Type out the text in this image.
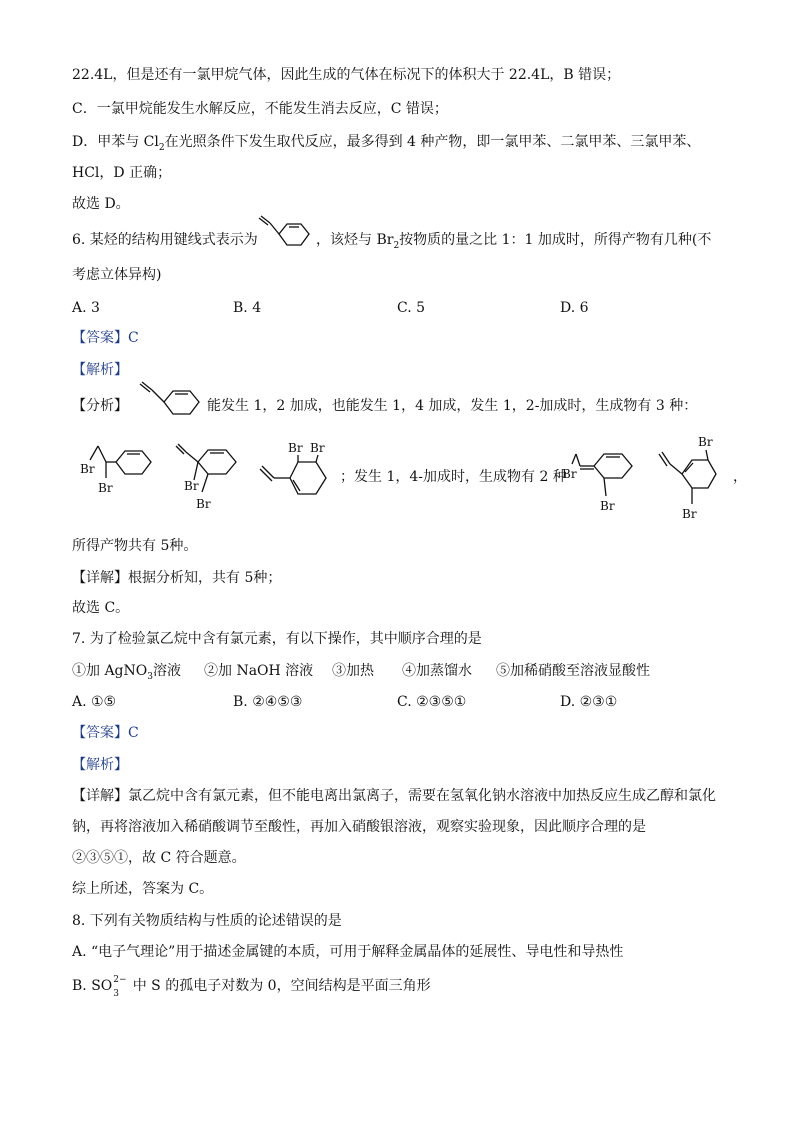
22.4L，但是还有一氯甲烷气体，因此生成的气体在标况下的体积大于 22.4L，B 错误；
C．一氯甲烷能发生水解反应，不能发生消去反应，C 错误；
D．甲苯与 $Cl_2$在光照条件下发生取代反应，最多得到 4 种产物，即一氯甲苯、二氯甲苯、三氯甲苯、
HCl，D 正确；
故选 D。
6. 某烃的结构用键线式表示为	，该烃与 $Br_2$按物质的量之比 1：1 加成时，所得产物有几种(不
考虑立体异构)
A. 3	B. 4	C. 5	D. 6
【答案】C
【解析】
【分析】	能发生 1，2 加成，也能发生 1，4 加成，发生 1，2-加成时，生成物有 3 种：
Br
Br	Br
Br
Br Br
；发生 1，4-加成时，生成物有 2 种
Br
Br
Br
Br
，
所得产物共有 5种。
【详解】根据分析知，共有 5种；
故选 C。
7. 为了检验氯乙烷中含有氯元素，有以下操作，其中顺序合理的是
①加 AgNO$_3$溶液 ②加 NaOH 溶液 ③加热 ④加蒸馏水 ⑤加稀硝酸至溶液显酸性
A. ①⑤	B. ②④⑤③	C. ②③⑤①	D. ②③①
【答案】C
【解析】
【详解】氯乙烷中含有氯元素，但不能电离出氯离子，需要在氢氧化钠水溶液中加热反应生成乙醇和氯化
钠，再将溶液加入稀硝酸调节至酸性，再加入硝酸银溶液，观察实验现象，因此顺序合理的是
②③⑤①，故 C 符合题意。
综上所述，答案为 C。
8. 下列有关物质结构与性质的论述错误的是
A. “电子气理论”用于描述金属键的本质，可用于解释金属晶体的延展性、导电性和导热性
B. SO 2−
3 中 S 的孤电子对数为 0，空间结构是平面三角形
